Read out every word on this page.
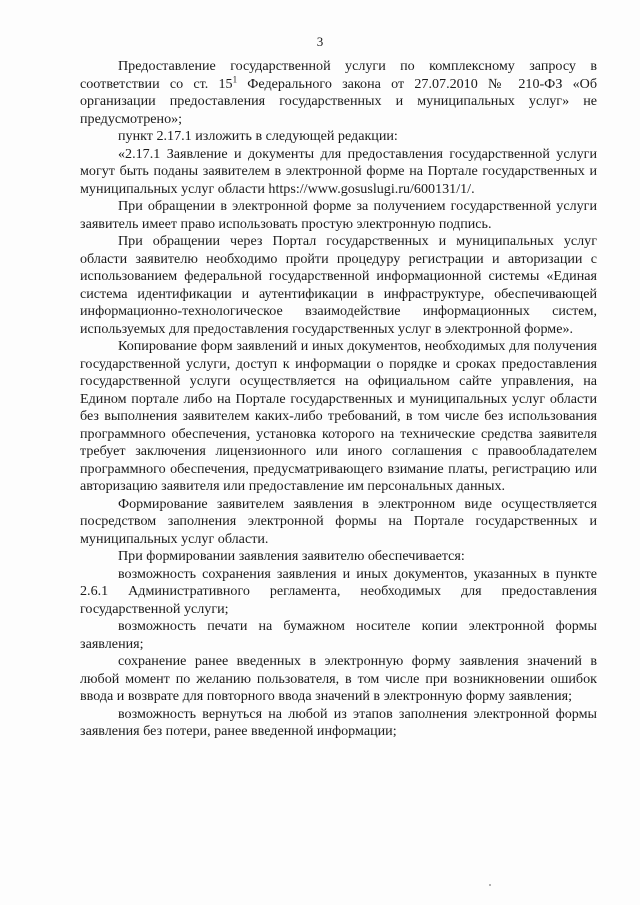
3

Предоставление государственной услуги по комплексному запросу в соответствии со ст. $15^1$ Федерального закона от 27.07.2010 № 210-ФЗ «Об организации предоставления государственных и муниципальных услуг» не предусмотрено»;

пункт 2.17.1 изложить в следующей редакции:

«2.17.1 Заявление и документы для предоставления государственной услуги могут быть поданы заявителем в электронной форме на Портале государственных и муниципальных услуг области https://www.gosuslugi.ru/600131/1/.

При обращении в электронной форме за получением государственной услуги заявитель имеет право использовать простую электронную подпись.

При обращении через Портал государственных и муниципальных услуг области заявителю необходимо пройти процедуру регистрации и авторизации с использованием федеральной государственной информационной системы «Единая система идентификации и аутентификации в инфраструктуре, обеспечивающей информационно-технологическое взаимодействие информационных систем, используемых для предоставления государственных услуг в электронной форме».

Копирование форм заявлений и иных документов, необходимых для получения государственной услуги, доступ к информации о порядке и сроках предоставления государственной услуги осуществляется на официальном сайте управления, на Едином портале либо на Портале государственных и муниципальных услуг области без выполнения заявителем каких-либо требований, в том числе без использования программного обеспечения, установка которого на технические средства заявителя требует заключения лицензионного или иного соглашения с правообладателем программного обеспечения, предусматривающего взимание платы, регистрацию или авторизацию заявителя или предоставление им персональных данных.

Формирование заявителем заявления в электронном виде осуществляется посредством заполнения электронной формы на Портале государственных и муниципальных услуг области.

При формировании заявления заявителю обеспечивается:

возможность сохранения заявления и иных документов, указанных в пункте 2.6.1 Административного регламента, необходимых для предоставления государственной услуги;

возможность печати на бумажном носителе копии электронной формы заявления;

сохранение ранее введенных в электронную форму заявления значений в любой момент по желанию пользователя, в том числе при возникновении ошибок ввода и возврате для повторного ввода значений в электронную форму заявления;

возможность вернуться на любой из этапов заполнения электронной формы заявления без потери, ранее введенной информации;
